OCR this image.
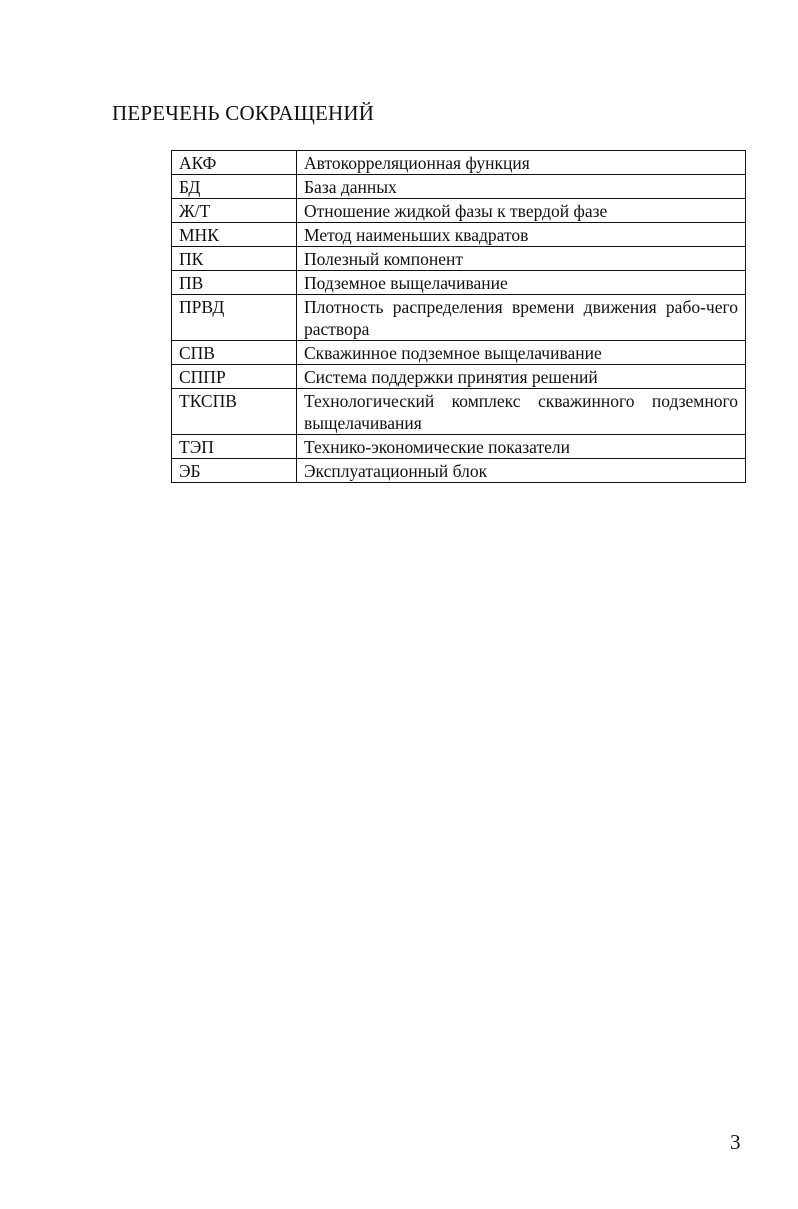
ПЕРЕЧЕНЬ СОКРАЩЕНИЙ
АКФ	Автокорреляционная функция
БД	База данных
Ж/Т	Отношение жидкой фазы к твердой фазе
МНК	Метод наименьших квадратов
ПК	Полезный компонент
ПВ	Подземное выщелачивание
ПРВД	Плотность распределения времени движения рабо-чего раствора
СПВ	Скважинное подземное выщелачивание
СППР	Система поддержки принятия решений
ТКСПВ	Технологический комплекс скважинного подземного выщелачивания
ТЭП	Технико-экономические показатели
ЭБ	Эксплуатационный блок
3
